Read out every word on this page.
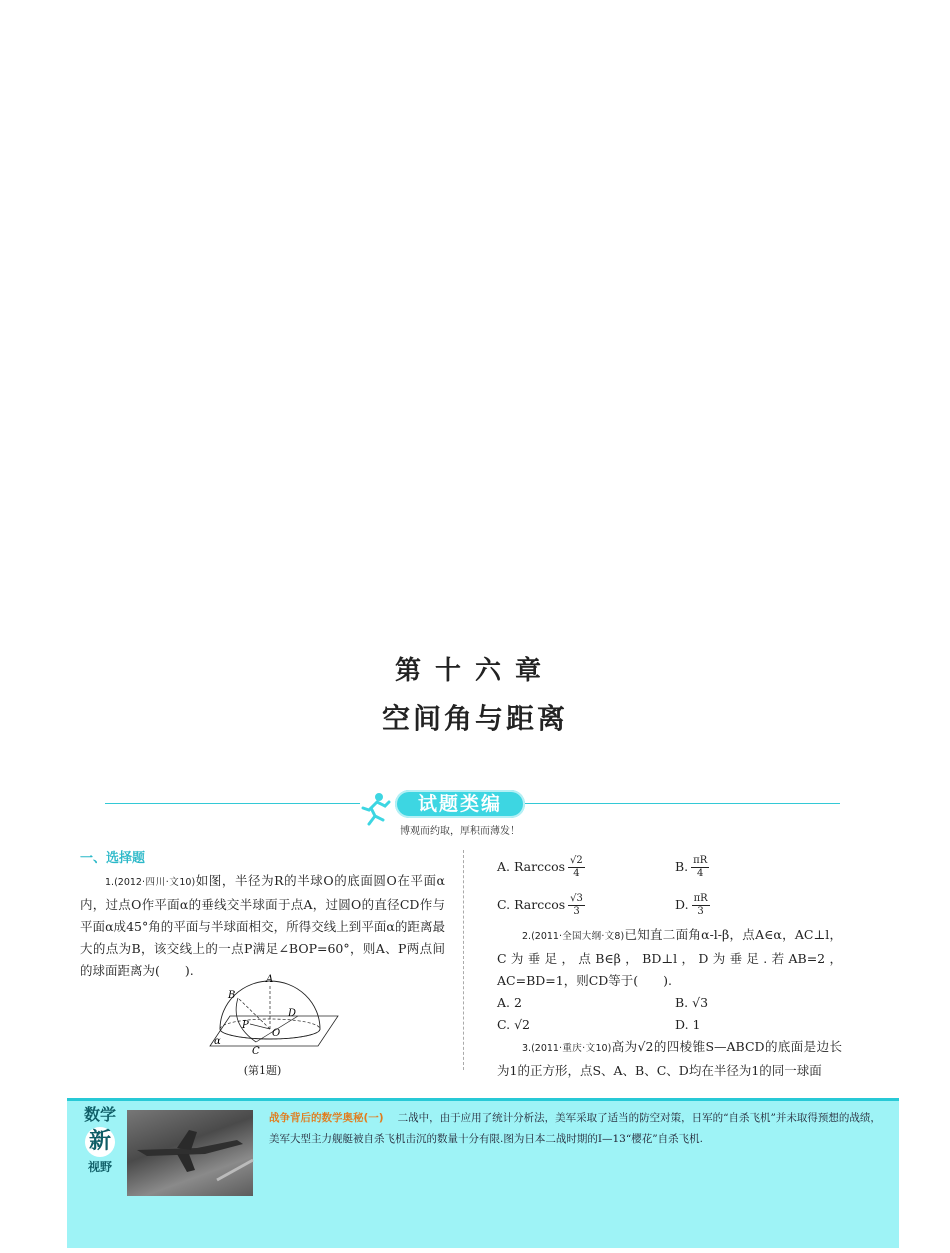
第十六章
空间角与距离
试题类编
博观而约取，厚积而薄发！
一、选择题
1.(2012·四川·文10)如图，半径为R的半球O的底面圆O在平面α内，过点O作平面α的垂线交半球面于点A，过圆O的直径CD作与平面α成45°角的平面与半球面相交，所得交线上到平面α的距离最大的点为B，该交线上的一点P满足∠BOP=60°，则A、P两点间的球面距离为(　　).
A
B
D
P
O
C
α
(第1题)
A. Rarccos $\frac{√2}{4}$	B. $\frac{\pi R}{4}$
C. Rarccos $\frac{√3}{3}$	D. $\frac{\pi R}{3}$
2.(2011·全国大纲·文8)已知直二面角α-l-β，点A∈α，AC⊥l，C为垂足，点B∈β，BD⊥l，D为垂足.若AB=2，AC=BD=1，则CD等于(　　).
A. 2	B. √3
C. √2	D. 1
3.(2011·重庆·文10)高为√2的四棱锥S—ABCD的底面是边长为1的正方形，点S、A、B、C、D均在半径为1的同一球面
数学
新
视野
战争背后的数学奥秘(一) 二战中，由于应用了统计分析法，美军采取了适当的防空对策，日军的“自杀飞机”并未取得预想的战绩，美军大型主力舰艇被自杀飞机击沉的数量十分有限.图为日本二战时期的I—13“樱花”自杀飞机.
